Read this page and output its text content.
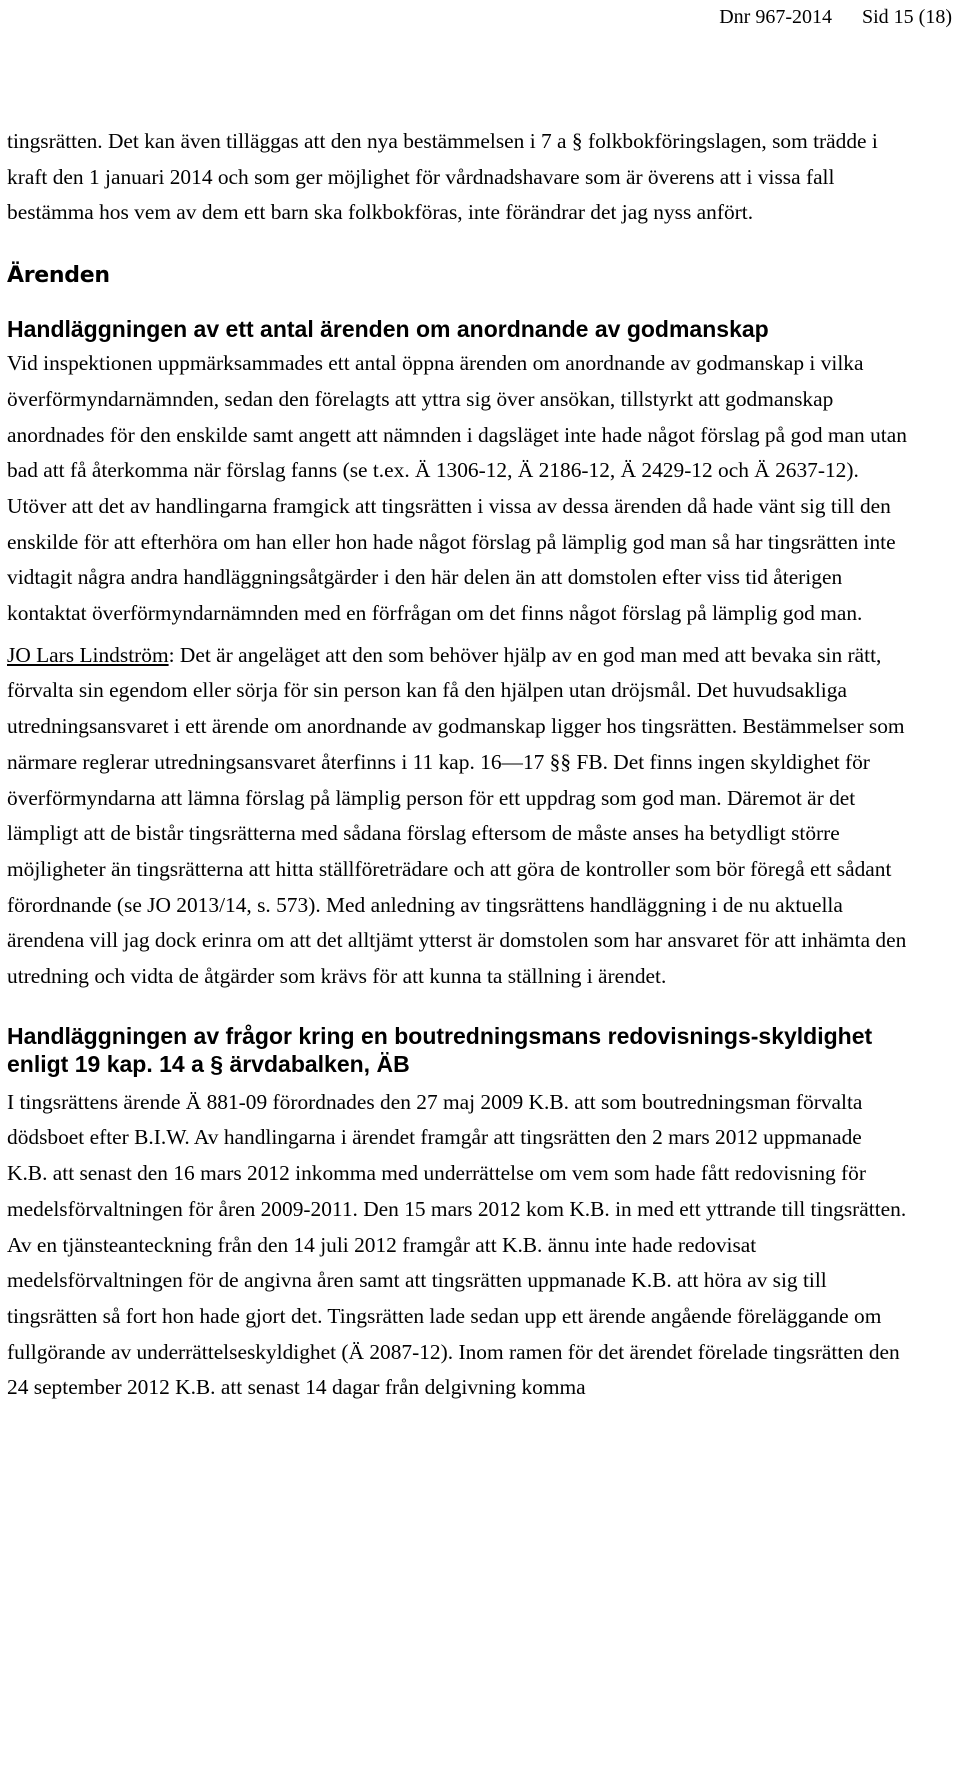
Dnr 967-2014 Sid 15 (18)

tingsrätten. Det kan även tilläggas att den nya bestämmelsen i 7 a § folkbokföringslagen, som trädde i kraft den 1 januari 2014 och som ger möjlighet för vårdnadshavare som är överens att i vissa fall bestämma hos vem av dem ett barn ska folkbokföras, inte förändrar det jag nyss anfört.

Ärenden
Handläggningen av ett antal ärenden om anordnande av godmanskap

Vid inspektionen uppmärksammades ett antal öppna ärenden om anordnande av godmanskap i vilka överförmyndarnämnden, sedan den förelagts att yttra sig över ansökan, tillstyrkt att godmanskap anordnades för den enskilde samt angett att nämnden i dagsläget inte hade något förslag på god man utan bad att få återkomma när förslag fanns (se t.ex. Ä 1306-12, Ä 2186-12, Ä 2429-12 och Ä 2637-12). Utöver att det av handlingarna framgick att tingsrätten i vissa av dessa ärenden då hade vänt sig till den enskilde för att efterhöra om han eller hon hade något förslag på lämplig god man så har tingsrätten inte vidtagit några andra handläggningsåtgärder i den här delen än att domstolen efter viss tid återigen kontaktat överförmyndarnämnden med en förfrågan om det finns något förslag på lämplig god man.

JO Lars Lindström: Det är angeläget att den som behöver hjälp av en god man med att bevaka sin rätt, förvalta sin egendom eller sörja för sin person kan få den hjälpen utan dröjsmål. Det huvudsakliga utredningsansvaret i ett ärende om anordnande av godmanskap ligger hos tingsrätten. Bestämmelser som närmare reglerar utredningsansvaret återfinns i 11 kap. 16—17 §§ FB. Det finns ingen skyldighet för överförmyndarna att lämna förslag på lämplig person för ett uppdrag som god man. Däremot är det lämpligt att de bistår tingsrätterna med sådana förslag eftersom de måste anses ha betydligt större möjligheter än tingsrätterna att hitta ställföreträdare och att göra de kontroller som bör föregå ett sådant förordnande (se JO 2013/14, s. 573). Med anledning av tingsrättens handläggning i de nu aktuella ärendena vill jag dock erinra om att det alltjämt ytterst är domstolen som har ansvaret för att inhämta den utredning och vidta de åtgärder som krävs för att kunna ta ställning i ärendet.

Handläggningen av frågor kring en boutredningsmans redovisnings-skyldighet enligt 19 kap. 14 a § ärvdabalken, ÄB

I tingsrättens ärende Ä 881-09 förordnades den 27 maj 2009 K.B. att som boutredningsman förvalta dödsboet efter B.I.W. Av handlingarna i ärendet framgår att tingsrätten den 2 mars 2012 uppmanade K.B. att senast den 16 mars 2012 inkomma med underrättelse om vem som hade fått redovisning för medelsförvaltningen för åren 2009-2011. Den 15 mars 2012 kom K.B. in med ett yttrande till tingsrätten. Av en tjänsteanteckning från den 14 juli 2012 framgår att K.B. ännu inte hade redovisat medelsförvaltningen för de angivna åren samt att tingsrätten uppmanade K.B. att höra av sig till tingsrätten så fort hon hade gjort det. Tingsrätten lade sedan upp ett ärende angående föreläggande om fullgörande av underrättelseskyldighet (Ä 2087-12). Inom ramen för det ärendet förelade tingsrätten den 24 september 2012 K.B. att senast 14 dagar från delgivning komma
